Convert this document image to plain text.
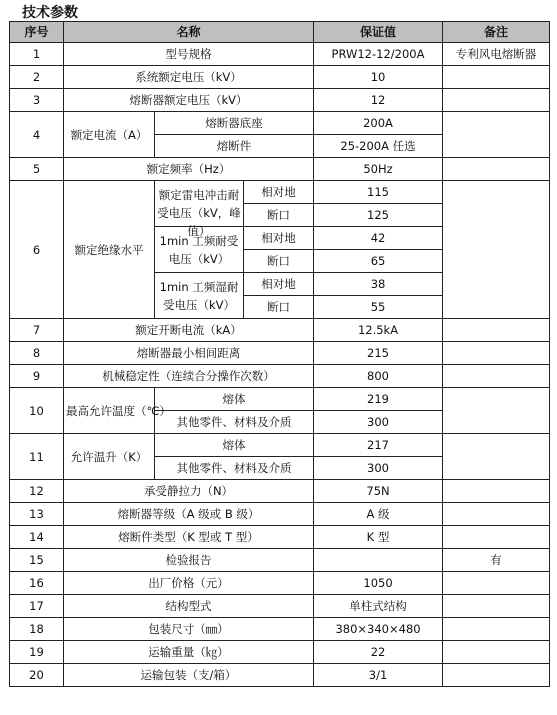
技术参数
序号	名称			保证值	备注
1	型号规格			PRW12-12/200A	专利风电熔断器
2	系统额定电压（kV）			10	
3	熔断器额定电压（kV）			12	
4	额定电流（A）	熔断器底座		200A	
		熔断件		25-200A 任选	
5	额定频率（Hz）			50Hz	
6	额定绝缘水平	额定雷电冲击耐受电压（kV，峰值）	相对地	115	
			断口	125	

		1min 工频耐受电压（kV）	相对地	42	
			断口	65	

		1min 工频湿耐受电压（kV）	相对地	38	
			断口	55	
7	额定开断电流（kA）			12.5kA	
8	熔断器最小相间距离			215	
9	机械稳定性（连续合分操作次数）			800	
10	最高允许温度（℃）	熔体		219	
		其他零件、材料及介质		300	
11	允许温升（K）	熔体		217	
		其他零件、材料及介质		300	
12	承受静拉力（N）			75N	
13	熔断器等级（A 级或 B 级）			A 级	
14	熔断件类型（K 型或 T 型）			K 型	
15	检验报告				有
16	出厂价格（元）			1050	
17	结构型式			单柱式结构	
18	包装尺寸（㎜）			380×340×480	
19	运输重量（㎏）			22	
20	运输包装（支/箱）			3/1	
